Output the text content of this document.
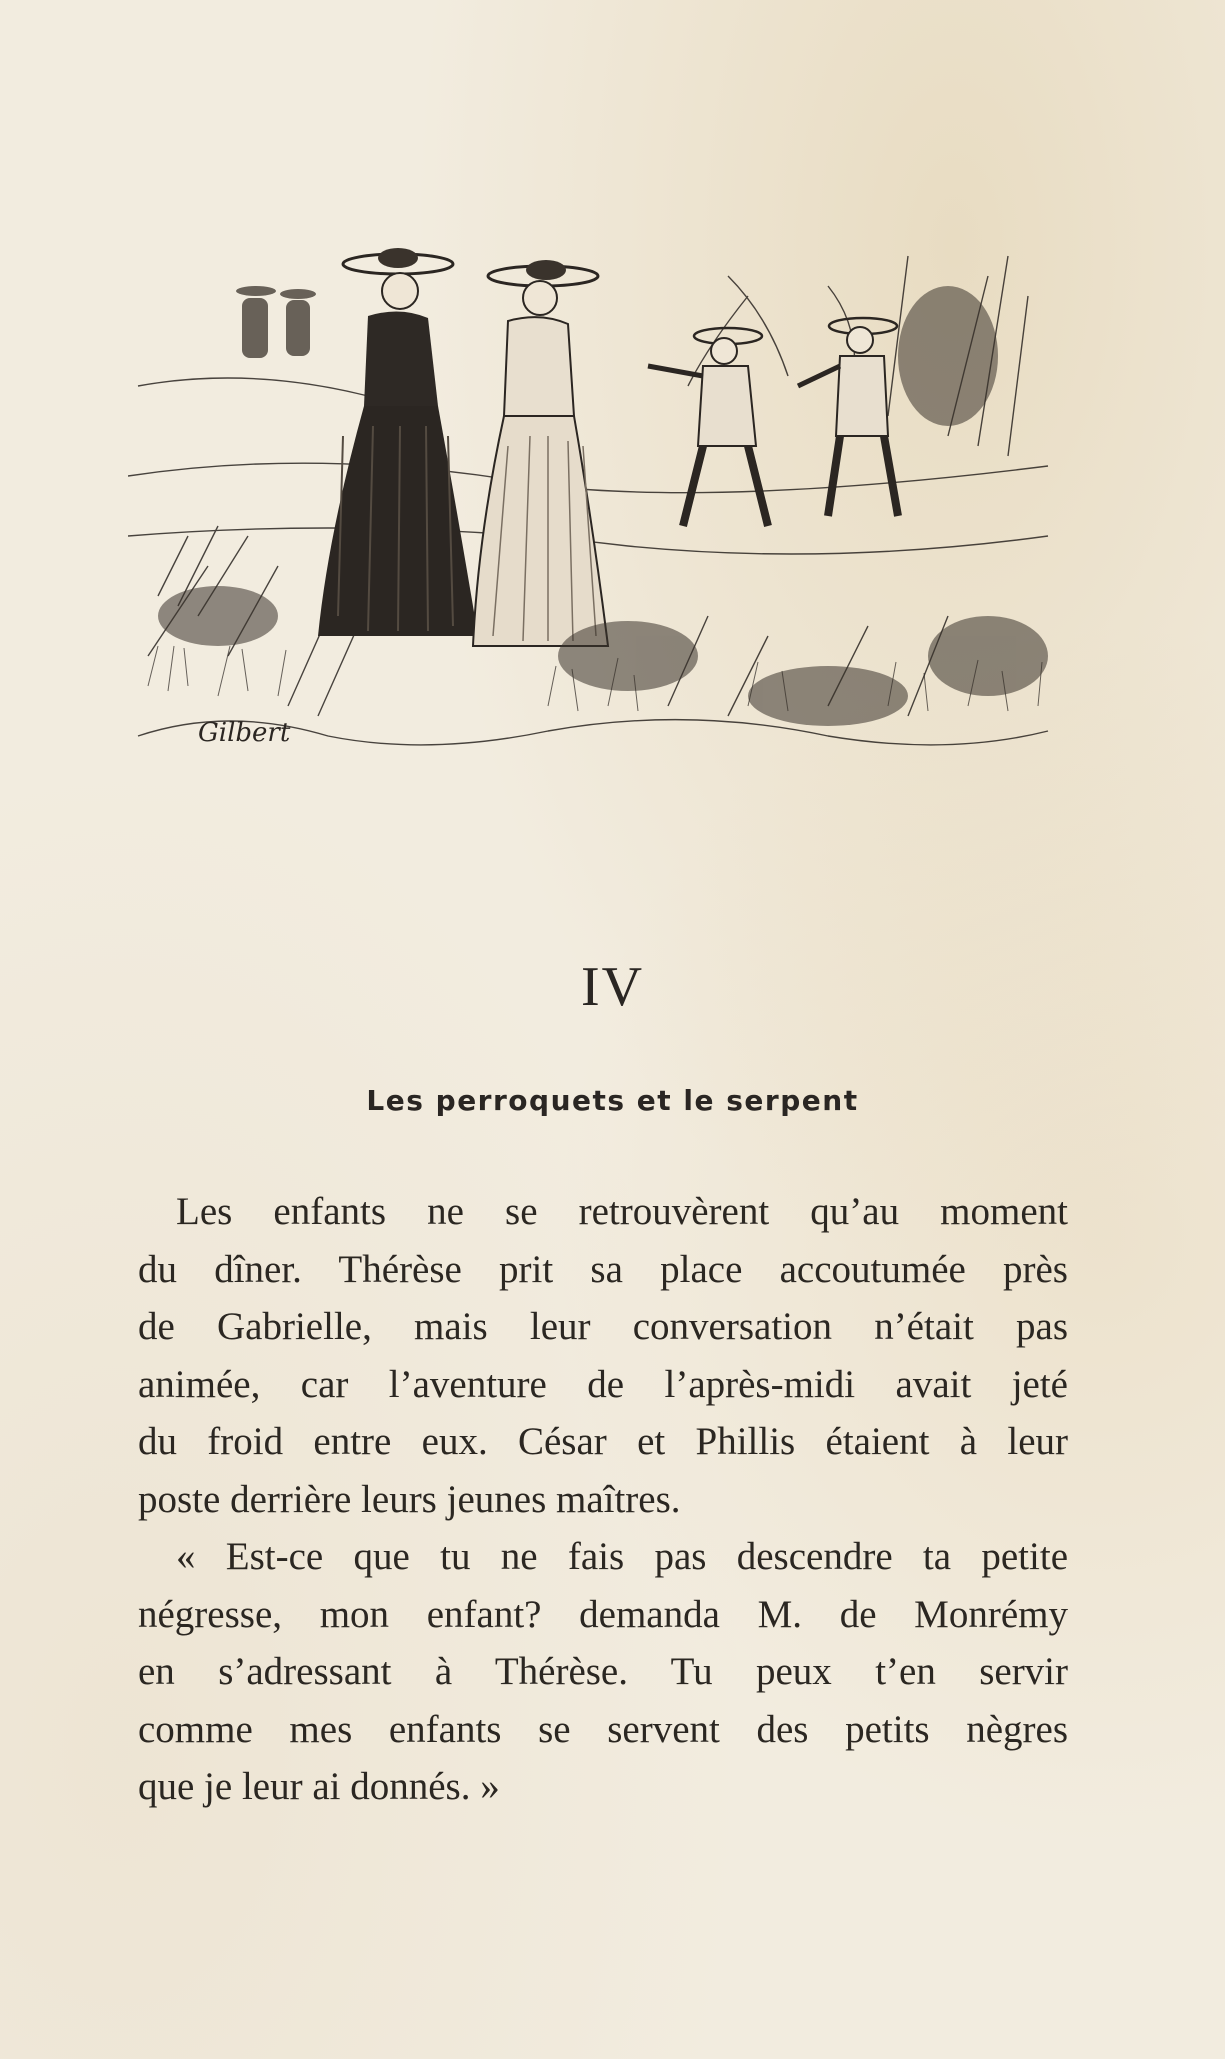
Gilbert
IV
Les perroquets et le serpent
Les enfants ne se retrouvèrent qu’au moment
du dîner. Thérèse prit sa place accoutumée près
de Gabrielle, mais leur conversation n’était pas
animée, car l’aventure de l’après-midi avait jeté
du froid entre eux. César et Phillis étaient à leur
poste derrière leurs jeunes maîtres.
« Est-ce que tu ne fais pas descendre ta petite
négresse, mon enfant? demanda M. de Monrémy
en s’adressant à Thérèse. Tu peux t’en servir
comme mes enfants se servent des petits nègres
que je leur ai donnés. »
